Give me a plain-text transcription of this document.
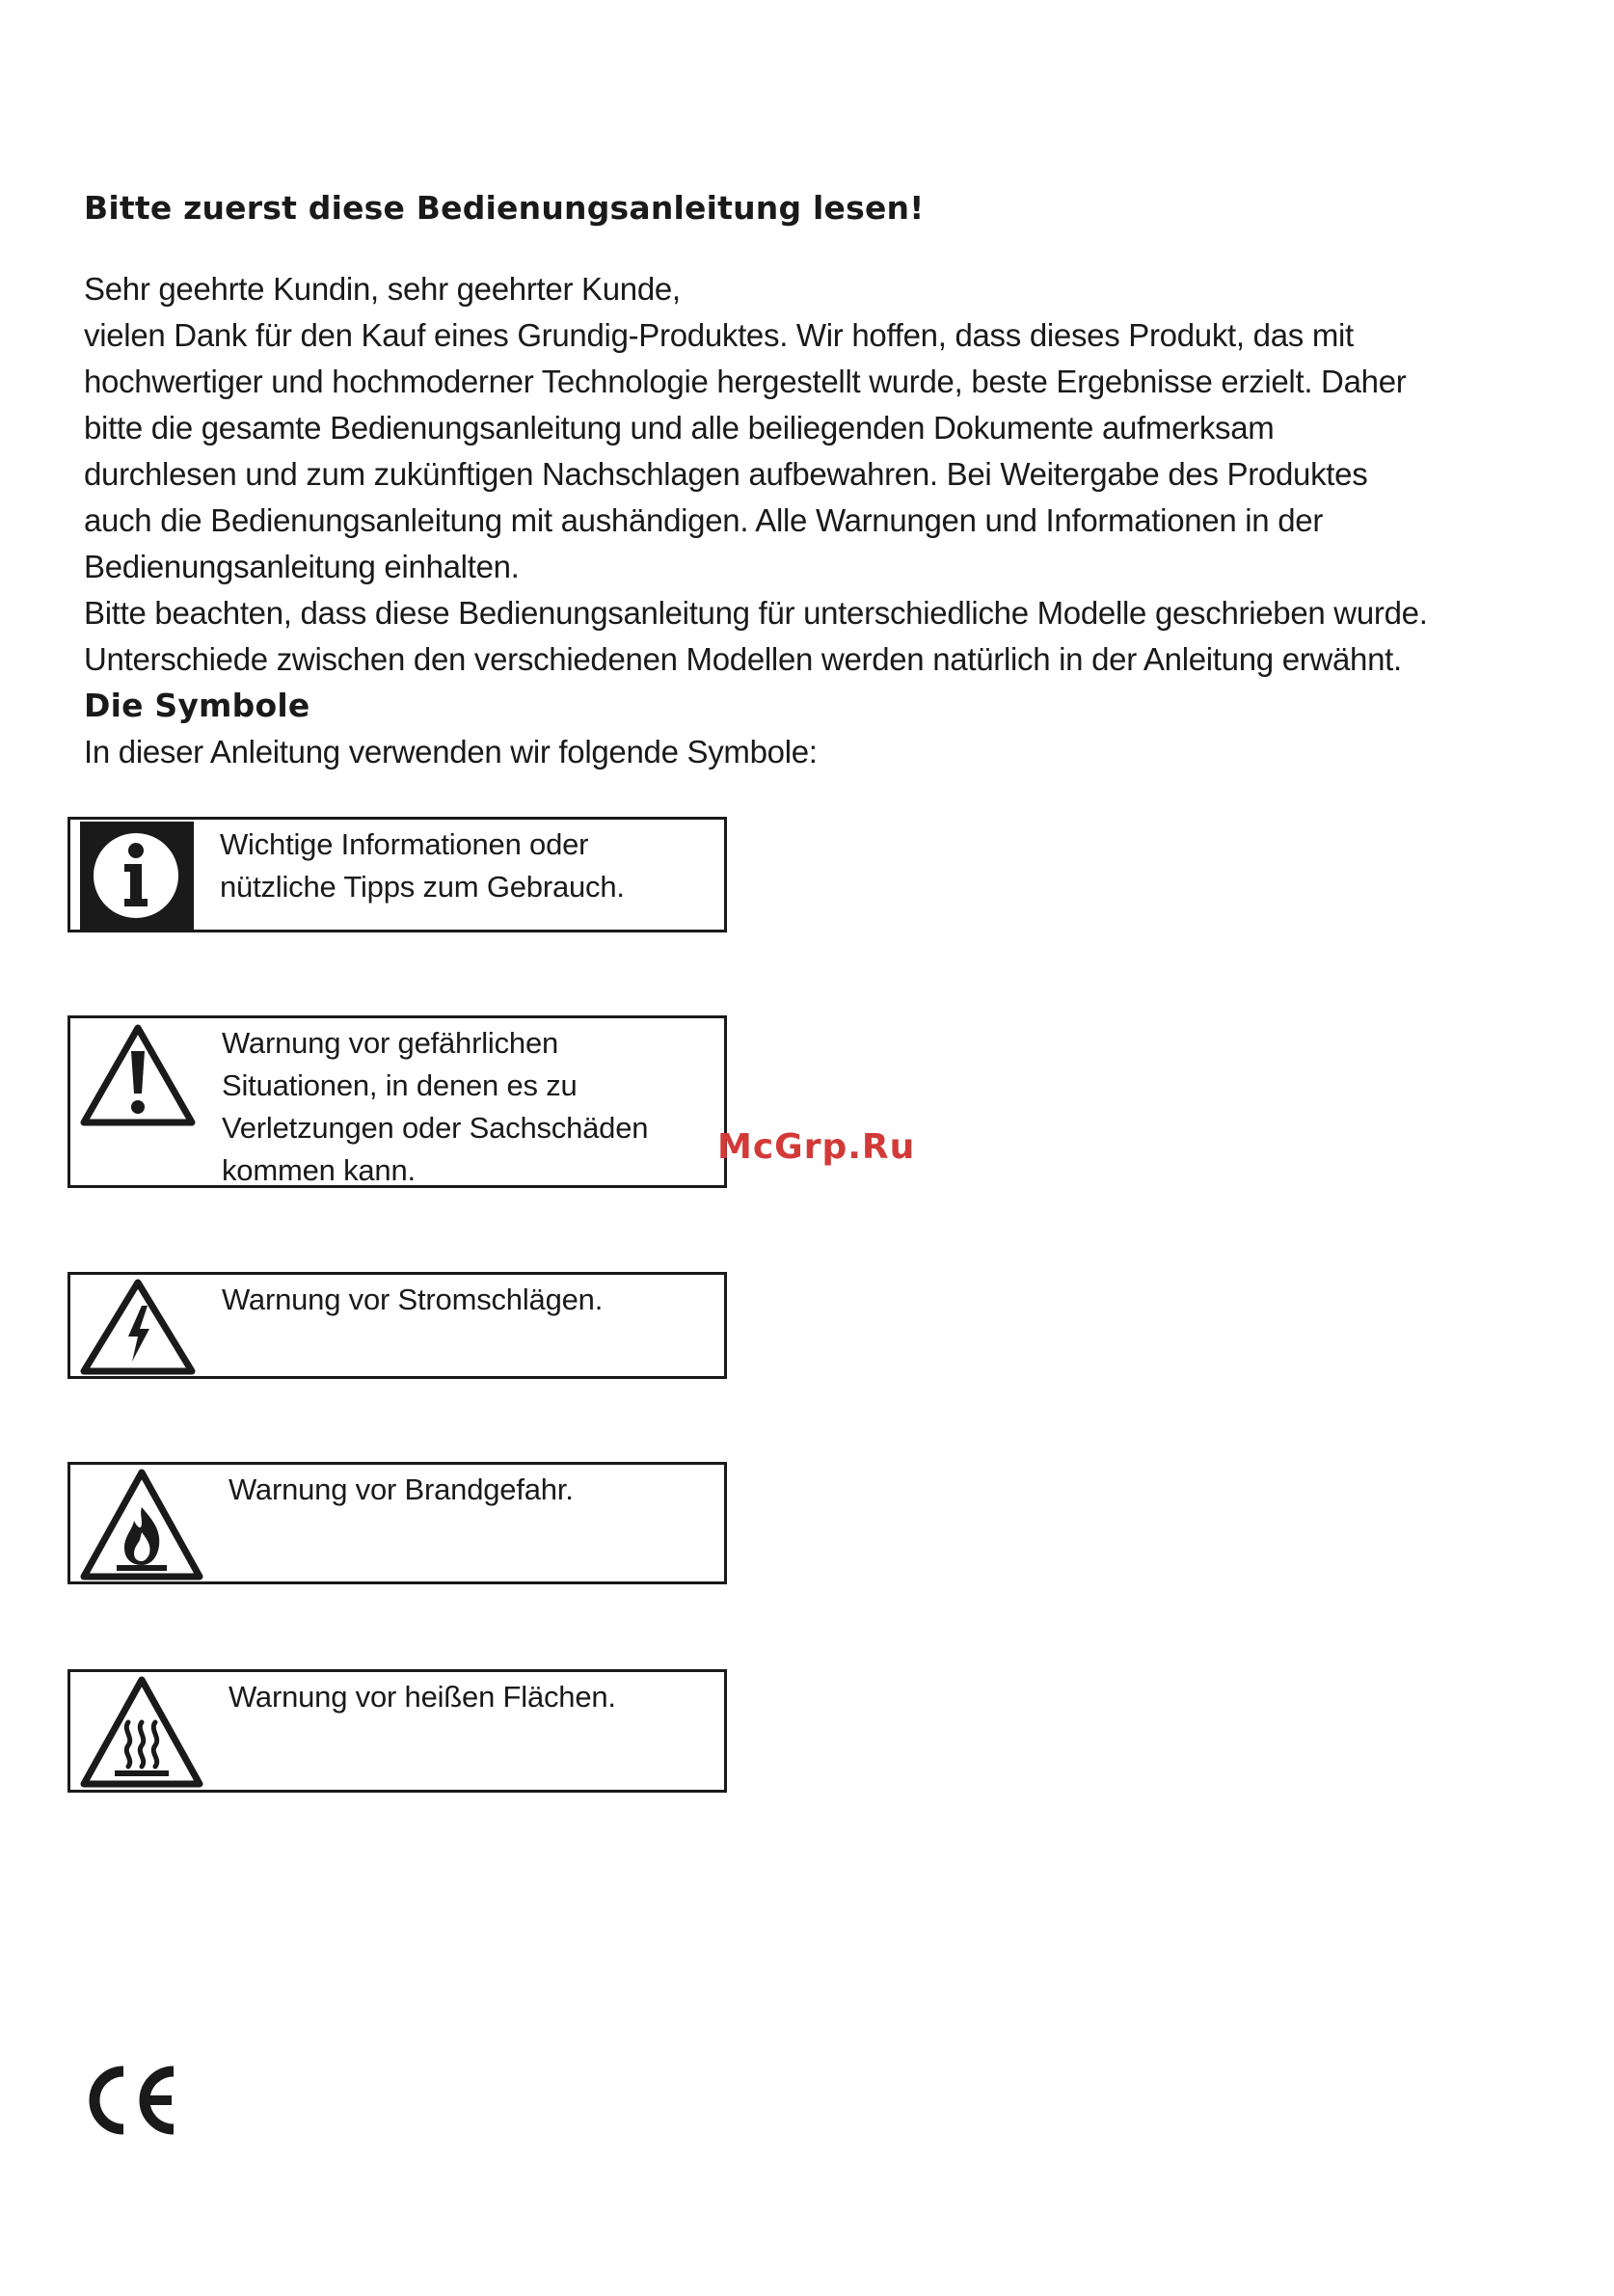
Bitte zuerst diese Bedienungsanleitung lesen!

Sehr geehrte Kundin, sehr geehrter Kunde,

vielen Dank für den Kauf eines Grundig-Produktes. Wir hoffen, dass dieses Produkt, das mit

hochwertiger und hochmoderner Technologie hergestellt wurde, beste Ergebnisse erzielt. Daher

bitte die gesamte Bedienungsanleitung und alle beiliegenden Dokumente aufmerksam

durchlesen und zum zukünftigen Nachschlagen aufbewahren. Bei Weitergabe des Produktes

auch die Bedienungsanleitung mit aushändigen. Alle Warnungen und Informationen in der

Bedienungsanleitung einhalten.

Bitte beachten, dass diese Bedienungsanleitung für unterschiedliche Modelle geschrieben wurde.

Unterschiede zwischen den verschiedenen Modellen werden natürlich in der Anleitung erwähnt.

Die Symbole

In dieser Anleitung verwenden wir folgende Symbole:

Wichtige Informationen oder

nützliche Tipps zum Gebrauch.

Warnung vor gefährlichen

Situationen, in denen es zu

Verletzungen oder Sachschäden

kommen kann.

Warnung vor Stromschlägen.

Warnung vor Brandgefahr.

Warnung vor heißen Flächen.

McGrp.Ru
